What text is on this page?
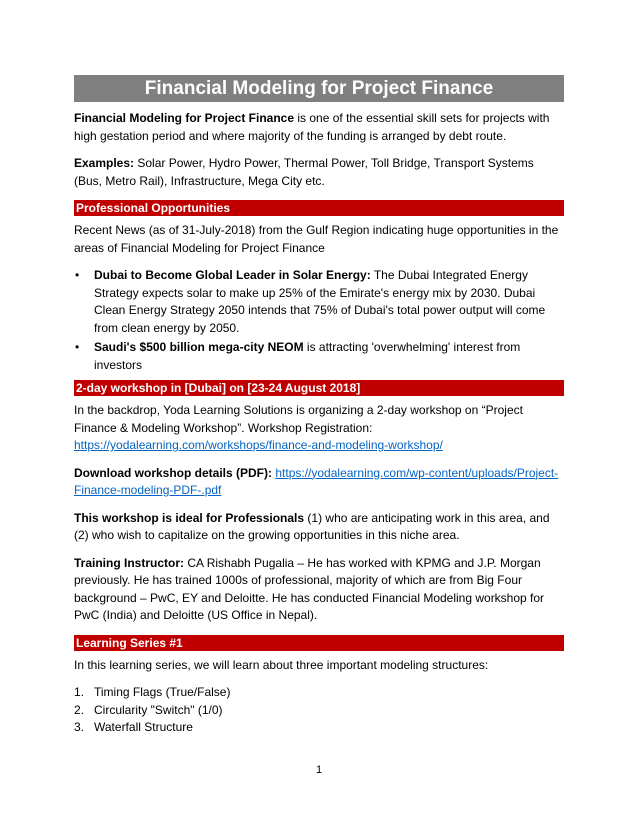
Financial Modeling for Project Finance

Financial Modeling for Project Finance is one of the essential skill sets for projects with high gestation period and where majority of the funding is arranged by debt route.

Examples: Solar Power, Hydro Power, Thermal Power, Toll Bridge, Transport Systems (Bus, Metro Rail), Infrastructure, Mega City etc.

Professional Opportunities

Recent News (as of 31-July-2018) from the Gulf Region indicating huge opportunities in the areas of Financial Modeling for Project Finance

• Dubai to Become Global Leader in Solar Energy: The Dubai Integrated Energy Strategy expects solar to make up 25% of the Emirate's energy mix by 2030. Dubai Clean Energy Strategy 2050 intends that 75% of Dubai's total power output will come from clean energy by 2050.
• Saudi's $500 billion mega-city NEOM is attracting 'overwhelming' interest from investors
2-day workshop in [Dubai] on [23-24 August 2018]

In the backdrop, Yoda Learning Solutions is organizing a 2-day workshop on “Project Finance & Modeling Workshop”. Workshop Registration: https://yodalearning.com/workshops/finance-and-modeling-workshop/

Download workshop details (PDF): https://yodalearning.com/wp-content/uploads/Project-Finance-modeling-PDF-.pdf

This workshop is ideal for Professionals (1) who are anticipating work in this area, and (2) who wish to capitalize on the growing opportunities in this niche area.

Training Instructor: CA Rishabh Pugalia – He has worked with KPMG and J.P. Morgan previously. He has trained 1000s of professional, majority of which are from Big Four background – PwC, EY and Deloitte. He has conducted Financial Modeling workshop for PwC (India) and Deloitte (US Office in Nepal).

Learning Series #1

In this learning series, we will learn about three important modeling structures:

1. Timing Flags (True/False)
2. Circularity "Switch" (1/0)
3. Waterfall Structure
1
